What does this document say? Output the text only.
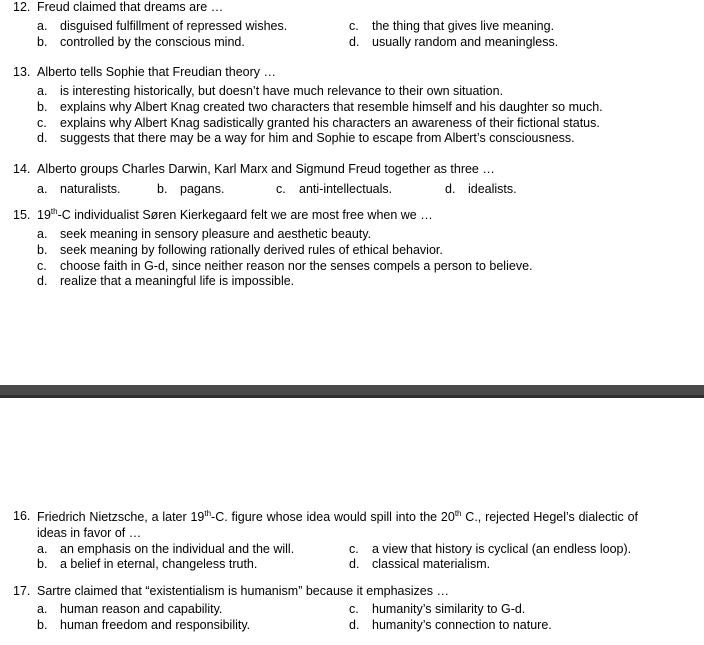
12. Freud claimed that dreams are …
a. disguised fulfillment of repressed wishes.
b. controlled by the conscious mind.
c. the thing that gives live meaning.
d. usually random and meaningless.
13. Alberto tells Sophie that Freudian theory …
a. is interesting historically, but doesn’t have much relevance to their own situation.
b. explains why Albert Knag created two characters that resemble himself and his daughter so much.
c. explains why Albert Knag sadistically granted his characters an awareness of their fictional status.
d. suggests that there may be a way for him and Sophie to escape from Albert’s consciousness.
14. Alberto groups Charles Darwin, Karl Marx and Sigmund Freud together as three …
a. naturalists.	b. pagans.	c. anti-intellectuals.	d. idealists.
15. 19th-C individualist Søren Kierkegaard felt we are most free when we …
a. seek meaning in sensory pleasure and aesthetic beauty.
b. seek meaning by following rationally derived rules of ethical behavior.
c. choose faith in G-d, since neither reason nor the senses compels a person to believe.
d. realize that a meaningful life is impossible.
16. Friedrich Nietzsche, a later 19th-C. figure whose idea would spill into the 20th C., rejected Hegel’s dialectic of ideas in favor of …
a. an emphasis on the individual and the will.
b. a belief in eternal, changeless truth.
c. a view that history is cyclical (an endless loop).
d. classical materialism.
17. Sartre claimed that “existentialism is humanism” because it emphasizes …
a. human reason and capability.
b. human freedom and responsibility.
c. humanity’s similarity to G-d.
d. humanity’s connection to nature.
